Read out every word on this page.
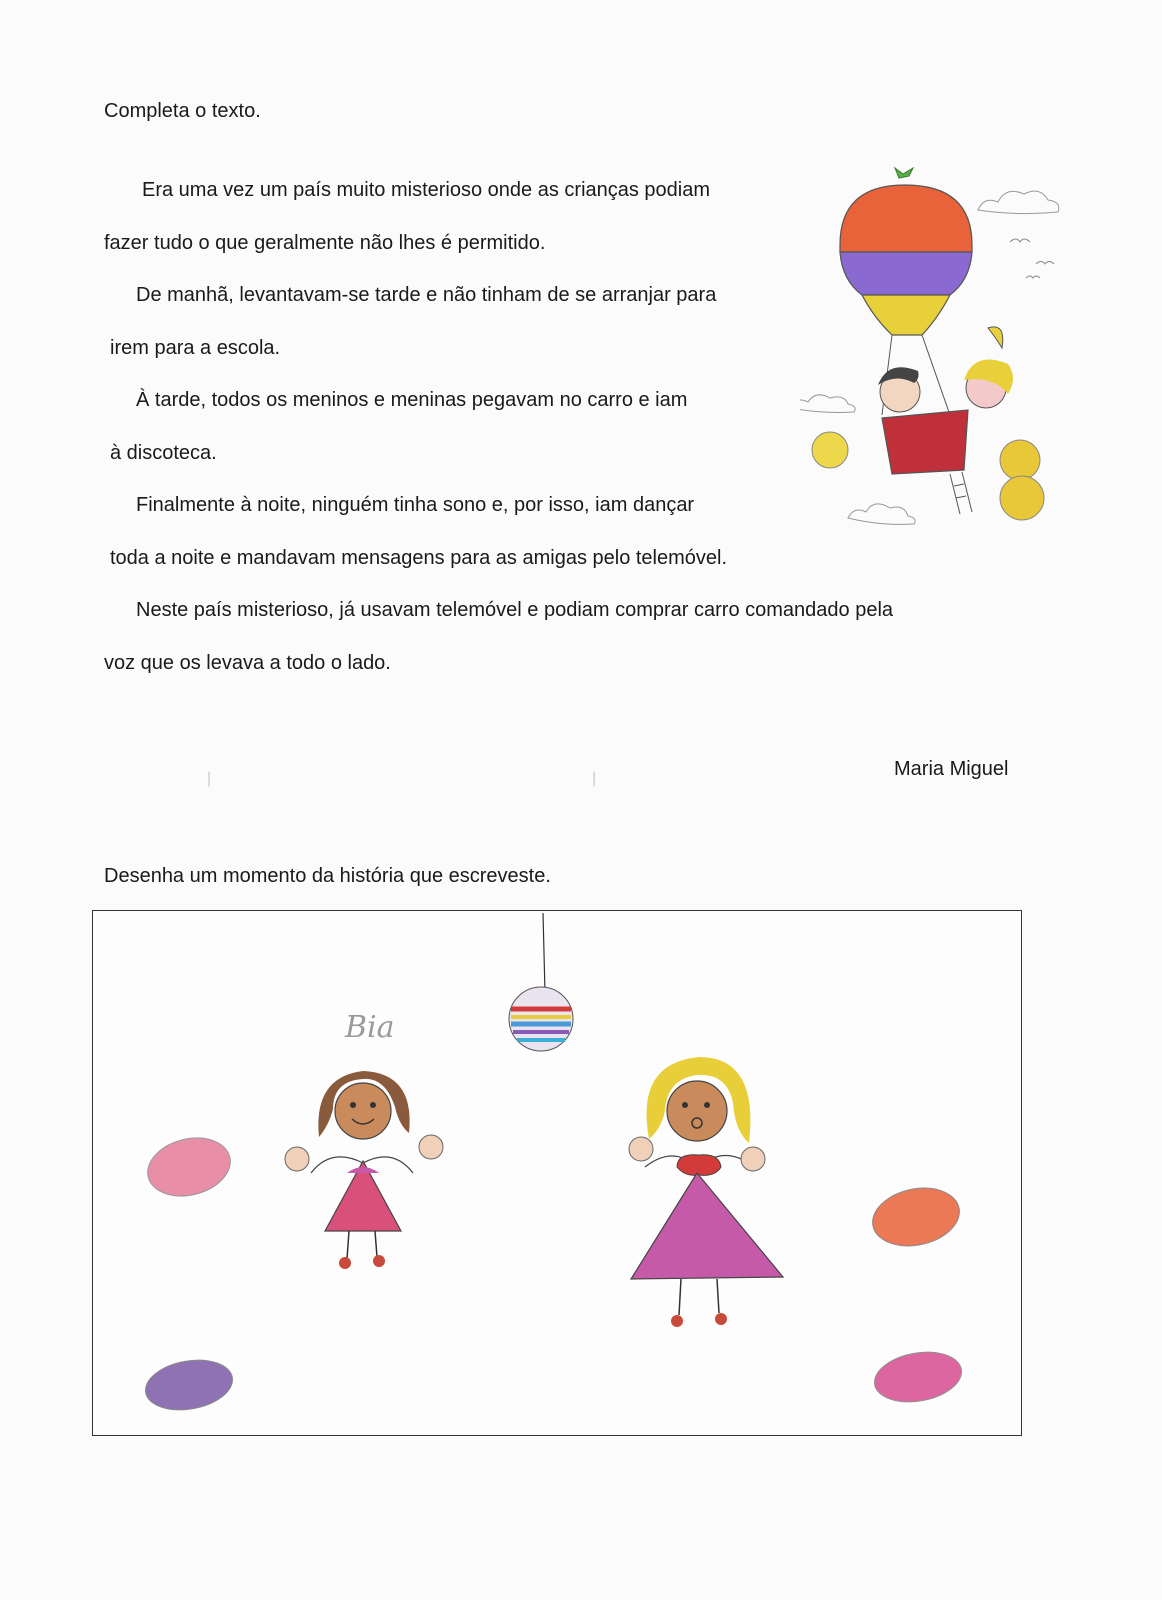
Completa o texto.
Era uma vez um país muito misterioso onde as crianças podiam
fazer tudo o que geralmente não lhes é permitido.
De manhã, levantavam-se tarde e não tinham de se arranjar para
irem para a escola.
À tarde, todos os meninos e meninas pegavam no carro e iam
à discoteca.
Finalmente à noite, ninguém tinha sono e, por isso, iam dançar
toda a noite e mandavam mensagens para as amigas pelo telemóvel.
Neste país misterioso, já usavam telemóvel e podiam comprar carro comandado pela
voz que os levava a todo o lado.
Maria Miguel
|	|
Desenha um momento da história que escreveste.
Bia
